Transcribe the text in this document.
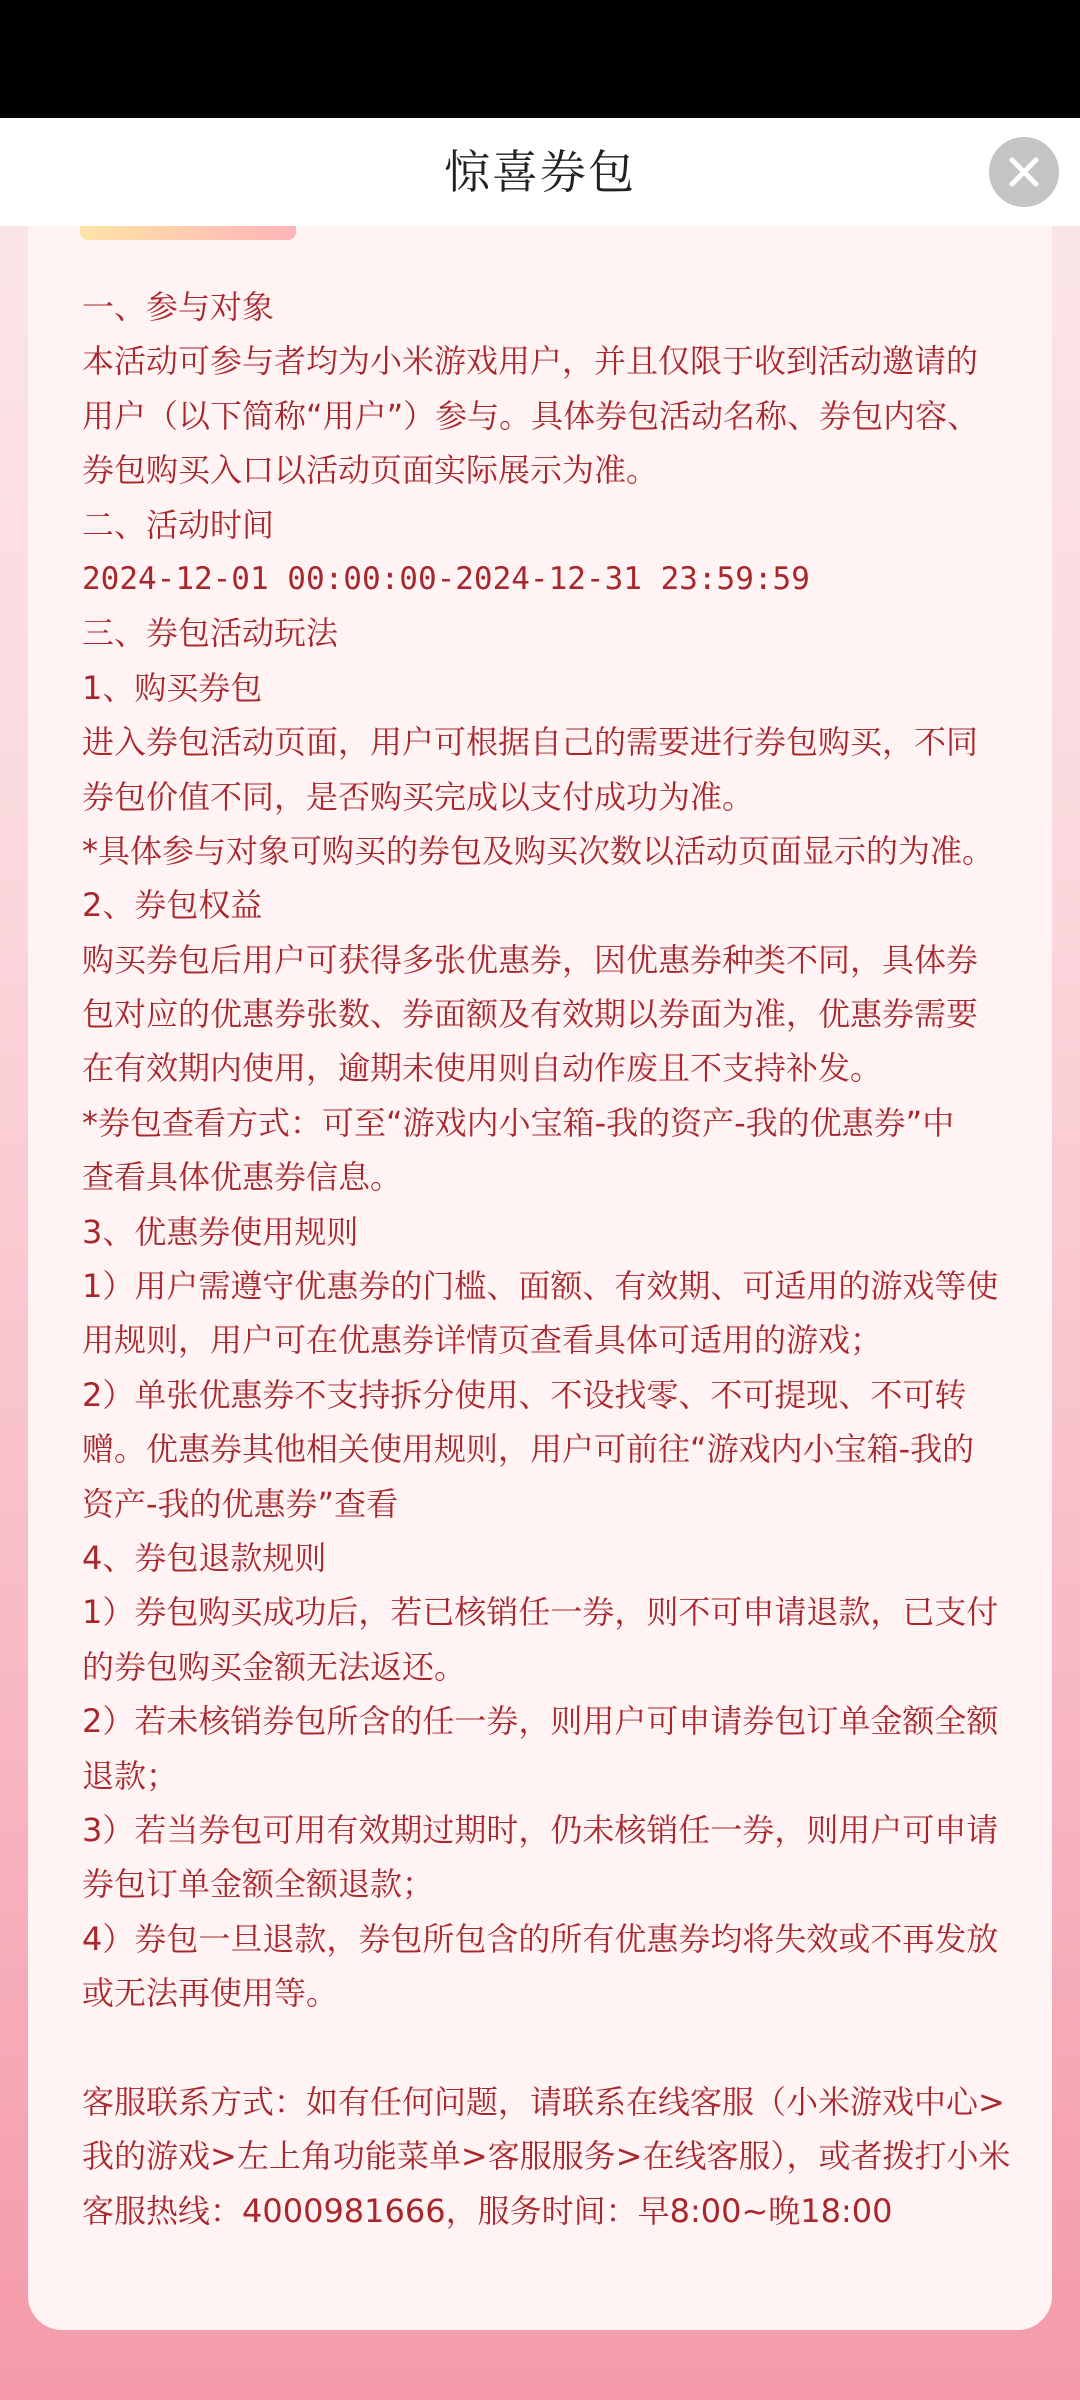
惊喜券包
一、参与对象
本活动可参与者均为小米游戏用户，并且仅限于收到活动邀请的
用户（以下简称“用户”）参与。具体券包活动名称、券包内容、
券包购买入口以活动页面实际展示为准。
二、活动时间
2024-12-01 00:00:00-2024-12-31 23:59:59
三、券包活动玩法
1、购买券包
进入券包活动页面，用户可根据自己的需要进行券包购买，不同
券包价值不同，是否购买完成以支付成功为准。
*具体参与对象可购买的券包及购买次数以活动页面显示的为准。
2、券包权益
购买券包后用户可获得多张优惠券，因优惠券种类不同，具体券
包对应的优惠券张数、券面额及有效期以券面为准，优惠券需要
在有效期内使用，逾期未使用则自动作废且不支持补发。
*券包查看方式：可至“游戏内小宝箱-我的资产-我的优惠券”中
查看具体优惠券信息。
3、优惠券使用规则
1）用户需遵守优惠券的门槛、面额、有效期、可适用的游戏等使
用规则，用户可在优惠券详情页查看具体可适用的游戏；
2）单张优惠券不支持拆分使用、不设找零、不可提现、不可转
赠。优惠券其他相关使用规则，用户可前往“游戏内小宝箱-我的
资产-我的优惠券”查看
4、券包退款规则
1）券包购买成功后，若已核销任一券，则不可申请退款，已支付
的券包购买金额无法返还。
2）若未核销券包所含的任一券，则用户可申请券包订单金额全额
退款；
3）若当券包可用有效期过期时，仍未核销任一券，则用户可申请
券包订单金额全额退款；
4）券包一旦退款，券包所包含的所有优惠券均将失效或不再发放
或无法再使用等。
客服联系方式：如有任何问题，请联系在线客服（小米游戏中心>
我的游戏>左上角功能菜单>客服服务>在线客服），或者拨打小米
客服热线：4000981666，服务时间：早8:00~晚18:00
